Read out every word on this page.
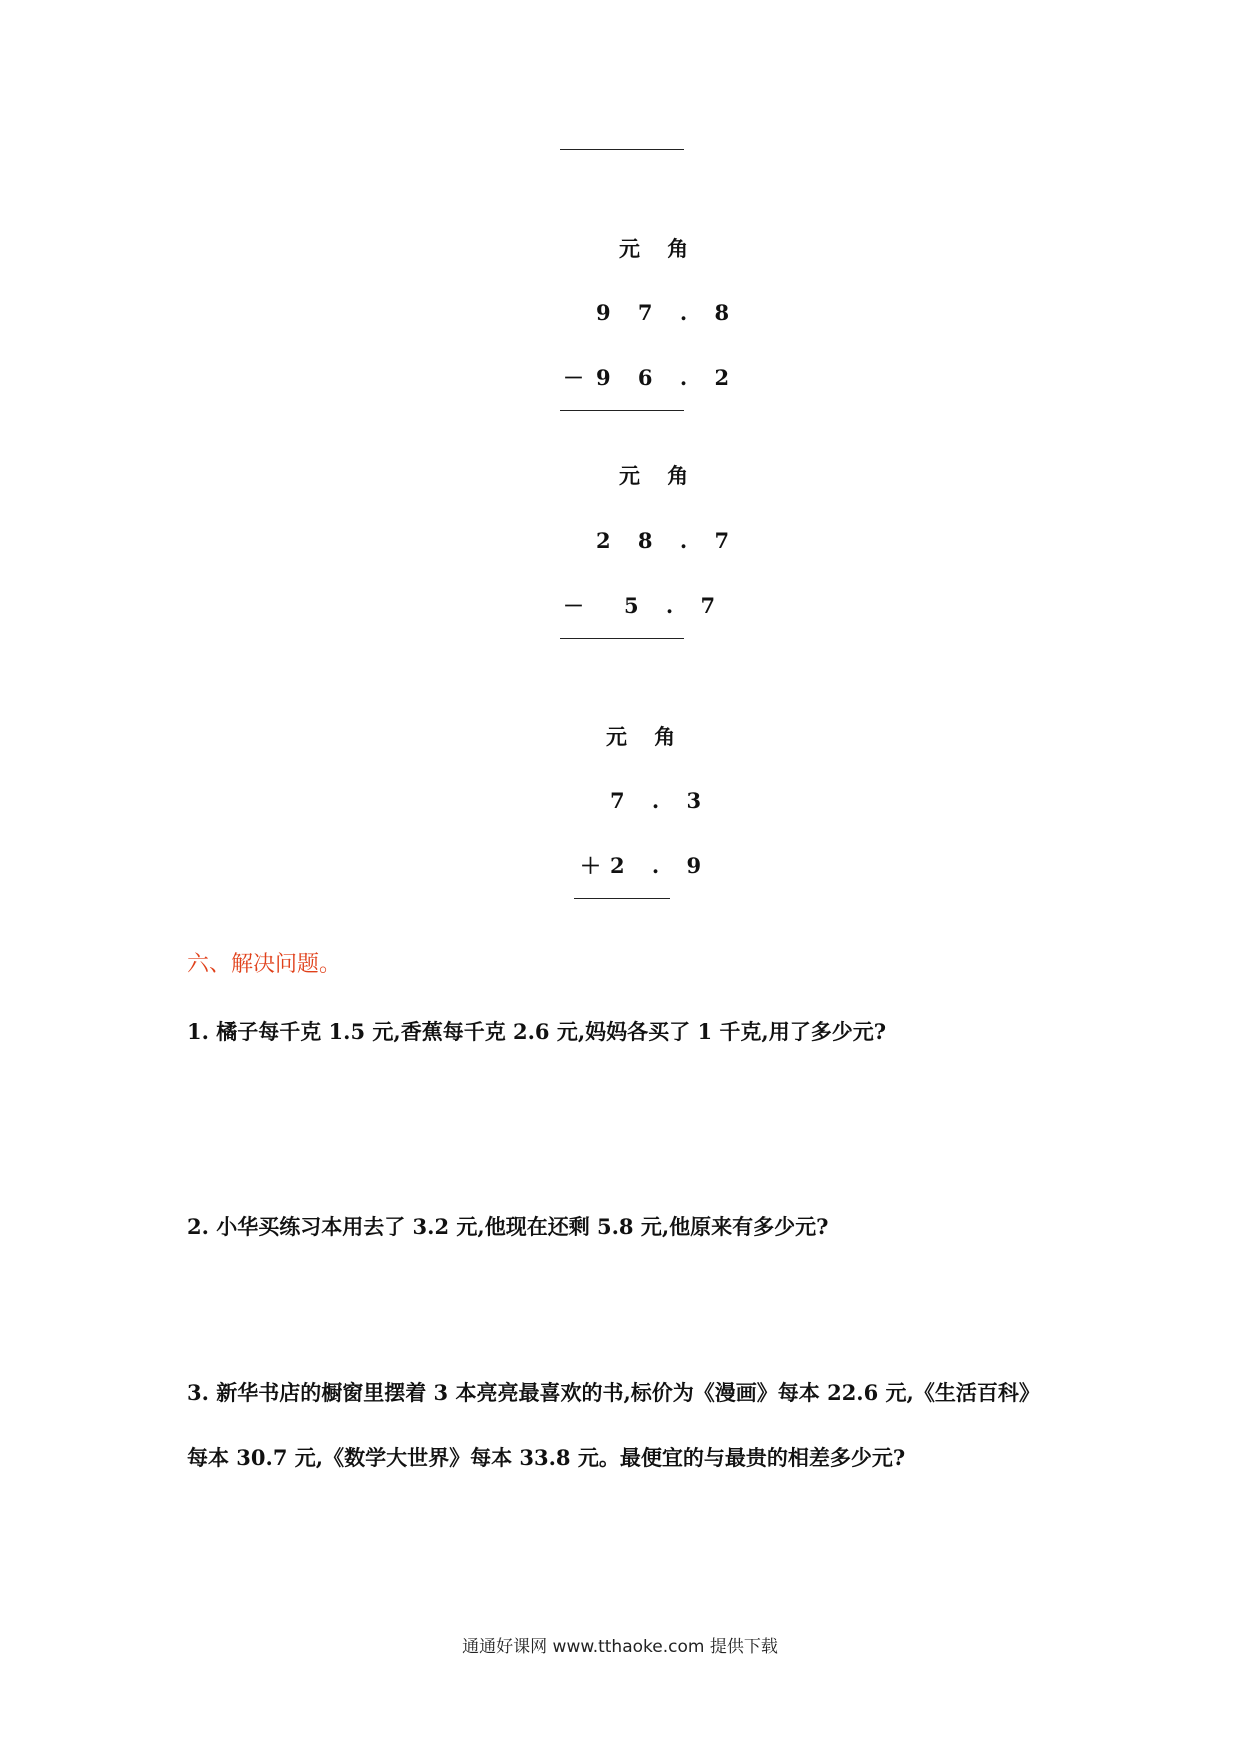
元 角
9 7 . 8
－ 9 6 . 2
元 角
2 8 . 7
－ 5 . 7
元 角
7 . 3
＋ 2 . 9
六、解决问题。
1. 橘子每千克 1.5 元,香蕉每千克 2.6 元,妈妈各买了 1 千克,用了多少元?
2. 小华买练习本用去了 3.2 元,他现在还剩 5.8 元,他原来有多少元?
3. 新华书店的橱窗里摆着 3 本亮亮最喜欢的书,标价为《漫画》每本 22.6 元,《生活百科》
每本 30.7 元,《数学大世界》每本 33.8 元。最便宜的与最贵的相差多少元?
通通好课网 www.tthaoke.com 提供下载
